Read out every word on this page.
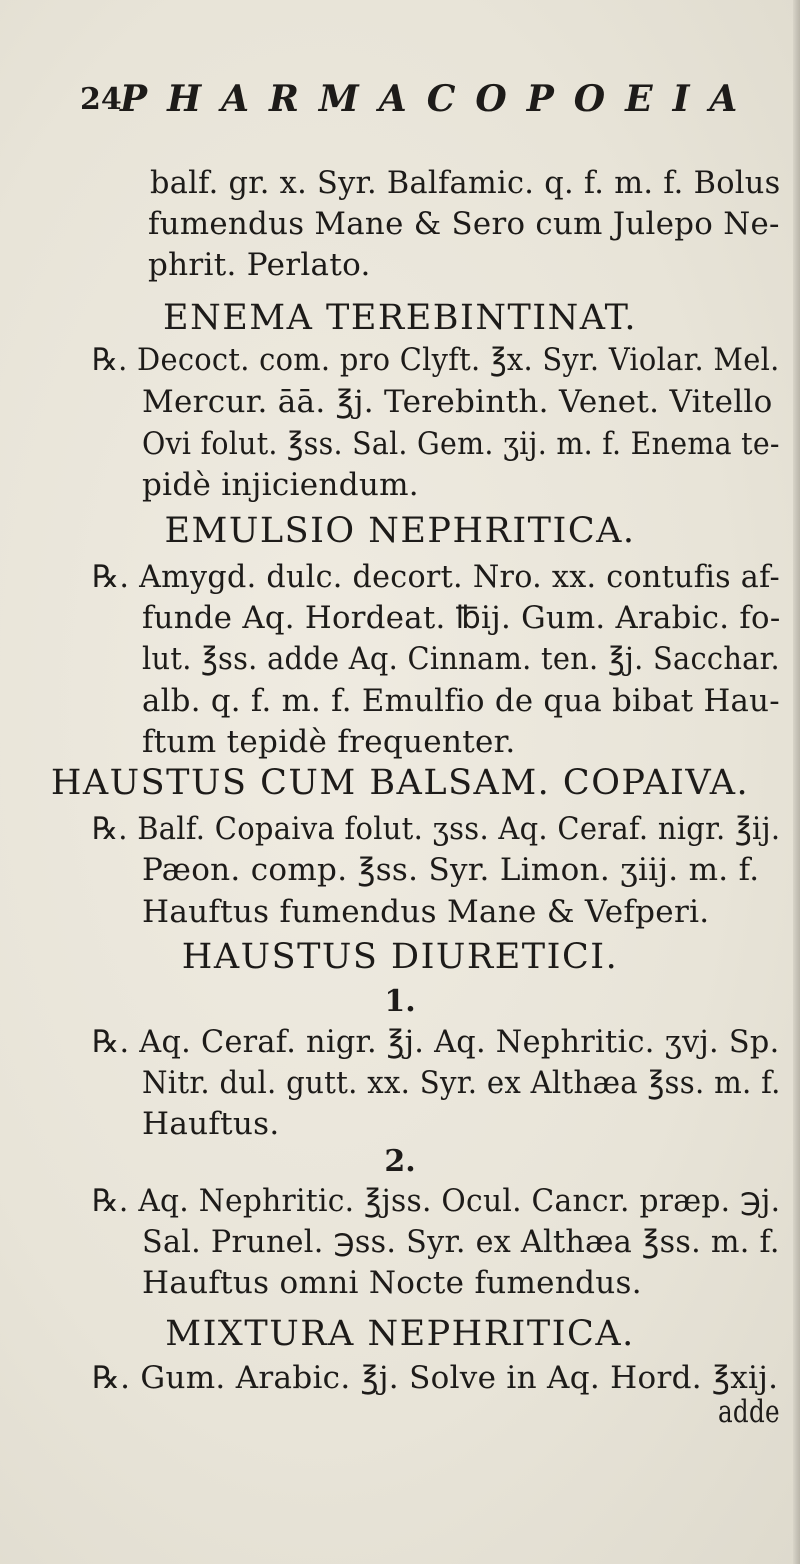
24
PHARMACOPOEIA
balf. gr. x. Syr. Balfamic. q. f. m. f. Bolus
fumendus Mane & Sero cum Julepo Ne-
phrit. Perlato.
ENEMA TEREBINTINAT.
℞. Decoct. com. pro Clyft. ℥x. Syr. Violar. Mel.
Mercur. āā. ℥j. Terebinth. Venet. Vitello
Ovi folut. ℥ss. Sal. Gem. ʒij. m. f. Enema te-
pidè injiciendum.
EMULSIO NEPHRITICA.
℞. Amygd. dulc. decort. Nro. xx. contufis af-
funde Aq. Hordeat. ℔ij. Gum. Arabic. fo-
lut. ℥ss. adde Aq. Cinnam. ten. ℥j. Sacchar.
alb. q. f. m. f. Emulfio de qua bibat Hau-
ftum tepidè frequenter.
HAUSTUS CUM BALSAM. COPAIVA.
℞. Balf. Copaiva folut. ʒss. Aq. Ceraf. nigr. ℥ij.
Pæon. comp. ℥ss. Syr. Limon. ʒiij. m. f.
Hauftus fumendus Mane & Vefperi.
HAUSTUS DIURETICI.
1.
℞. Aq. Ceraf. nigr. ℥j. Aq. Nephritic. ʒvj. Sp.
Nitr. dul. gutt. xx. Syr. ex Althæa ℥ss. m. f.
Hauftus.
2.
℞. Aq. Nephritic. ℥jss. Ocul. Cancr. præp. ℈j.
Sal. Prunel. ℈ss. Syr. ex Althæa ℥ss. m. f.
Hauftus omni Nocte fumendus.
MIXTURA NEPHRITICA.
℞. Gum. Arabic. ℥j. Solve in Aq. Hord. ℥xij.
adde
